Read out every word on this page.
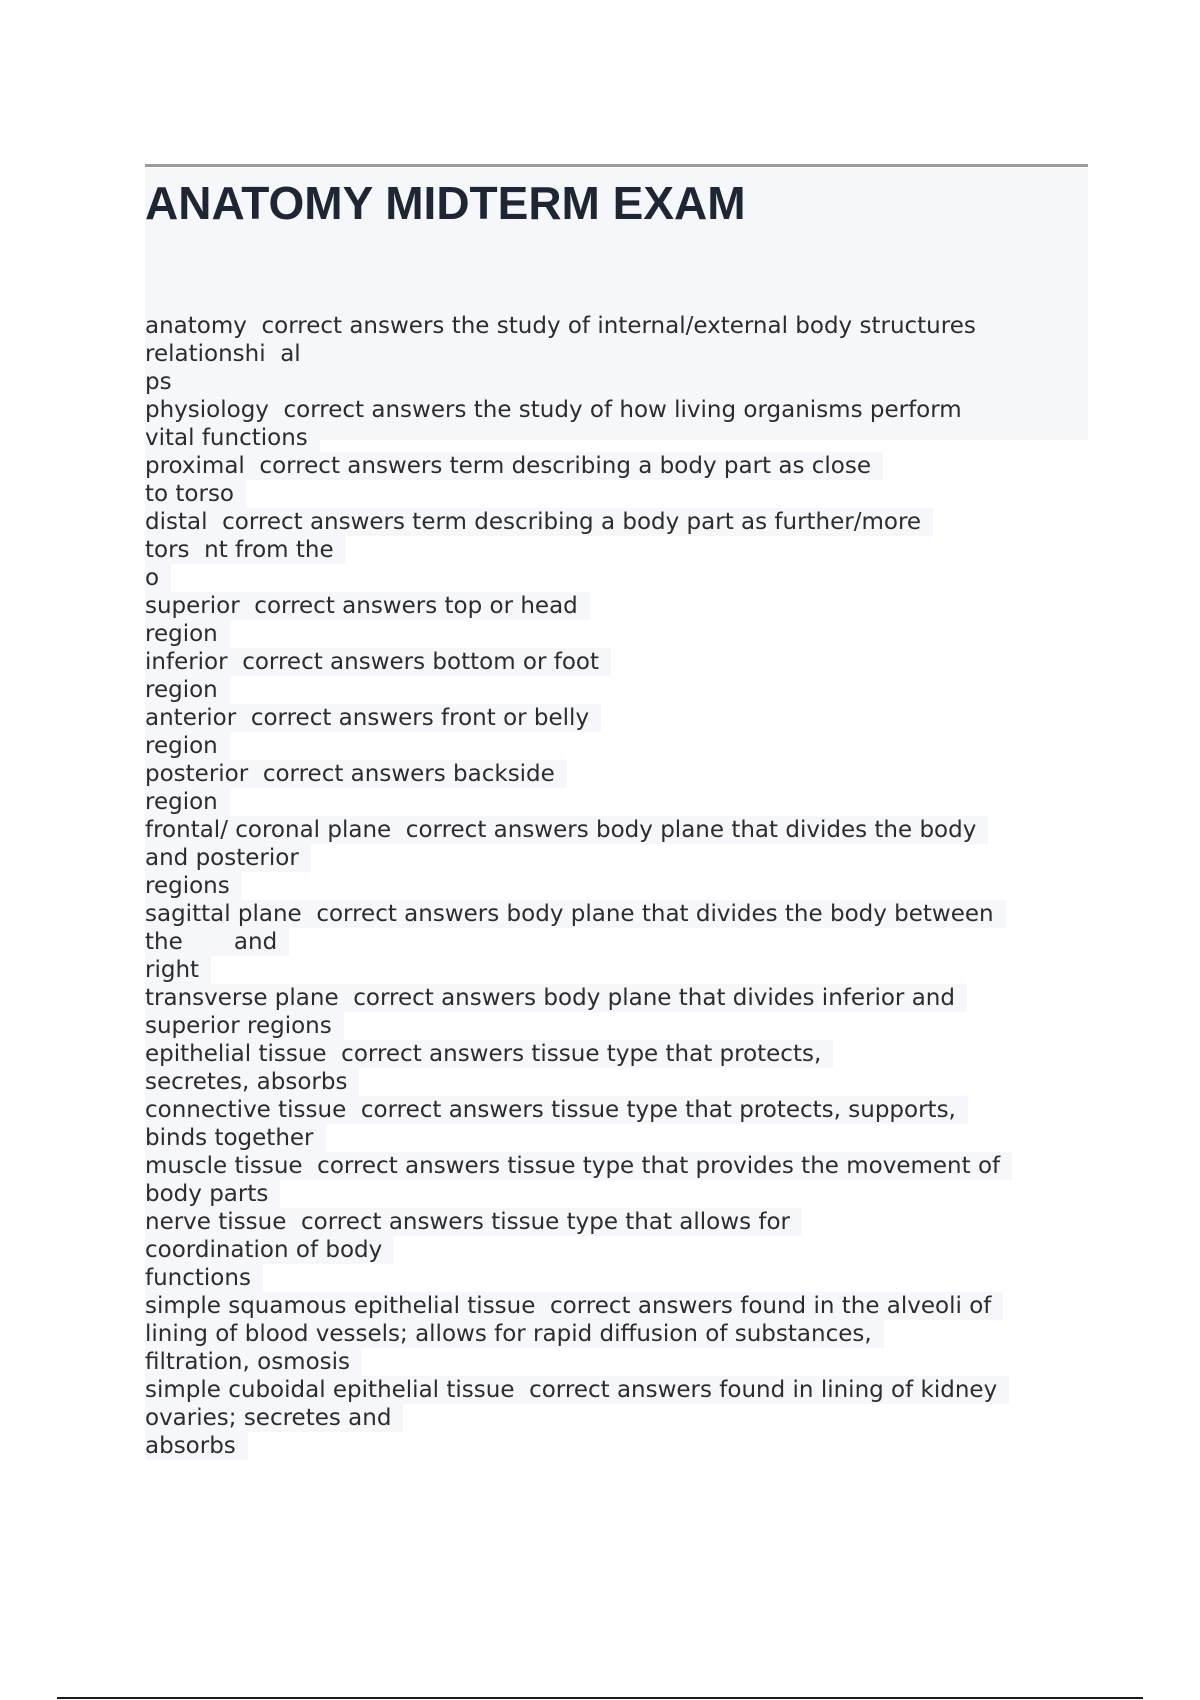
ANATOMY MIDTERM EXAM
anatomy  correct answers the study of internal/external body structures
relationshi  al
ps
physiology  correct answers the study of how living organisms perform
vital functions
proximal  correct answers term describing a body part as close
to torso
distal  correct answers term describing a body part as further/more
tors  nt from the
o
superior  correct answers top or head
region
inferior  correct answers bottom or foot
region
anterior  correct answers front or belly
region
posterior  correct answers backside
region
frontal/ coronal plane  correct answers body plane that divides the body
and posterior
regions
sagittal plane  correct answers body plane that divides the body between
the       and
right
transverse plane  correct answers body plane that divides inferior and
superior regions
epithelial tissue  correct answers tissue type that protects,
secretes, absorbs
connective tissue  correct answers tissue type that protects, supports,
binds together
muscle tissue  correct answers tissue type that provides the movement of
body parts
nerve tissue  correct answers tissue type that allows for
coordination of body
functions
simple squamous epithelial tissue  correct answers found in the alveoli of
lining of blood vessels; allows for rapid diffusion of substances,
filtration, osmosis
simple cuboidal epithelial tissue  correct answers found in lining of kidney
ovaries; secretes and
absorbs
